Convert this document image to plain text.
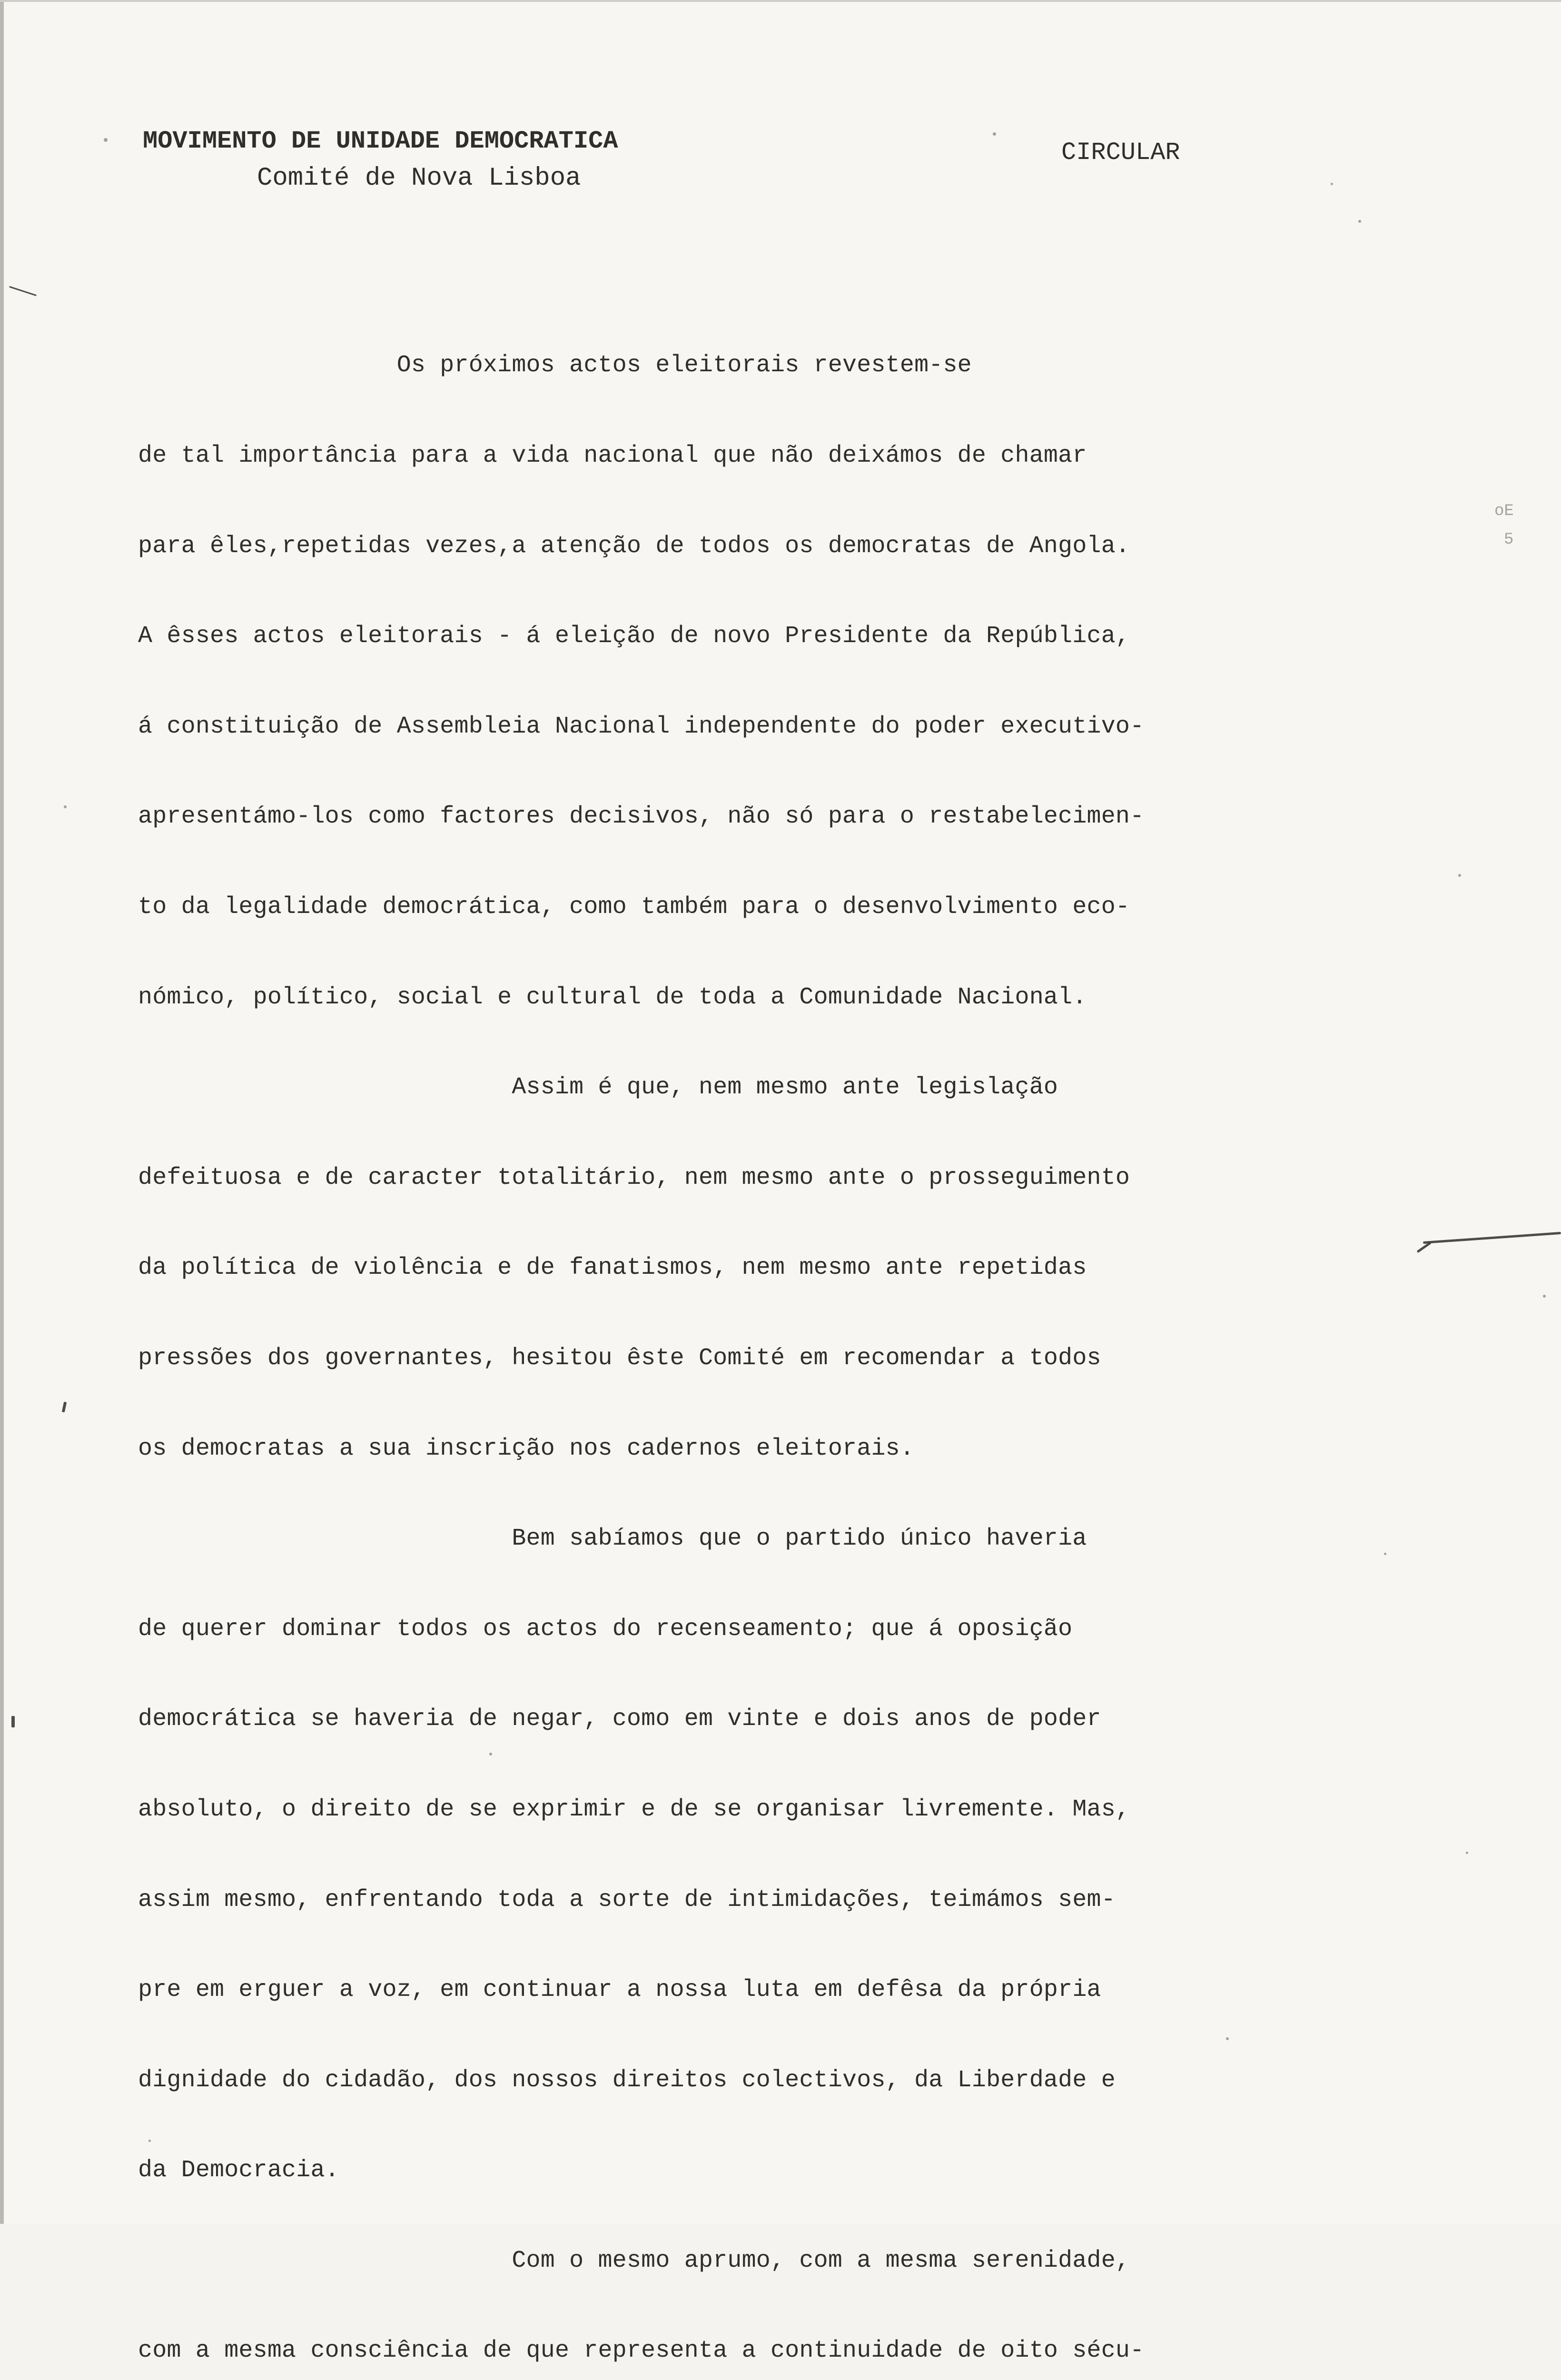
MOVIMENTO DE UNIDADE DEMOCRATICA
Comité de Nova Lisboa
CIRCULAR

Os próximos actos eleitorais revestem-se

de tal importância para a vida nacional que não deixámos de chamar

para êles,repetidas vezes,a atenção de todos os democratas de Angola.

A êsses actos eleitorais - á eleição de novo Presidente da República,

á constituição de Assembleia Nacional independente do poder executivo-

apresentámo-los como factores decisivos, não só para o restabelecimen-

to da legalidade democrática, como também para o desenvolvimento eco-

nómico, político, social e cultural de toda a Comunidade Nacional.

Assim é que, nem mesmo ante legislação

defeituosa e de caracter totalitário, nem mesmo ante o prosseguimento

da política de violência e de fanatismos, nem mesmo ante repetidas

pressões dos governantes, hesitou êste Comité em recomendar a todos

os democratas a sua inscrição nos cadernos eleitorais.

Bem sabíamos que o partido único haveria

de querer dominar todos os actos do recenseamento; que á oposição

democrática se haveria de negar, como em vinte e dois anos de poder

absoluto, o direito de se exprimir e de se organisar livremente. Mas,

assim mesmo, enfrentando toda a sorte de intimidações, teimámos sem-

pre em erguer a voz, em continuar a nossa luta em defêsa da própria

dignidade do cidadão, dos nossos direitos colectivos, da Liberdade e

da Democracia.

Com o mesmo aprumo, com a mesma serenidade,

com a mesma consciência de que representa a continuidade de oito sécu-

oE
5
